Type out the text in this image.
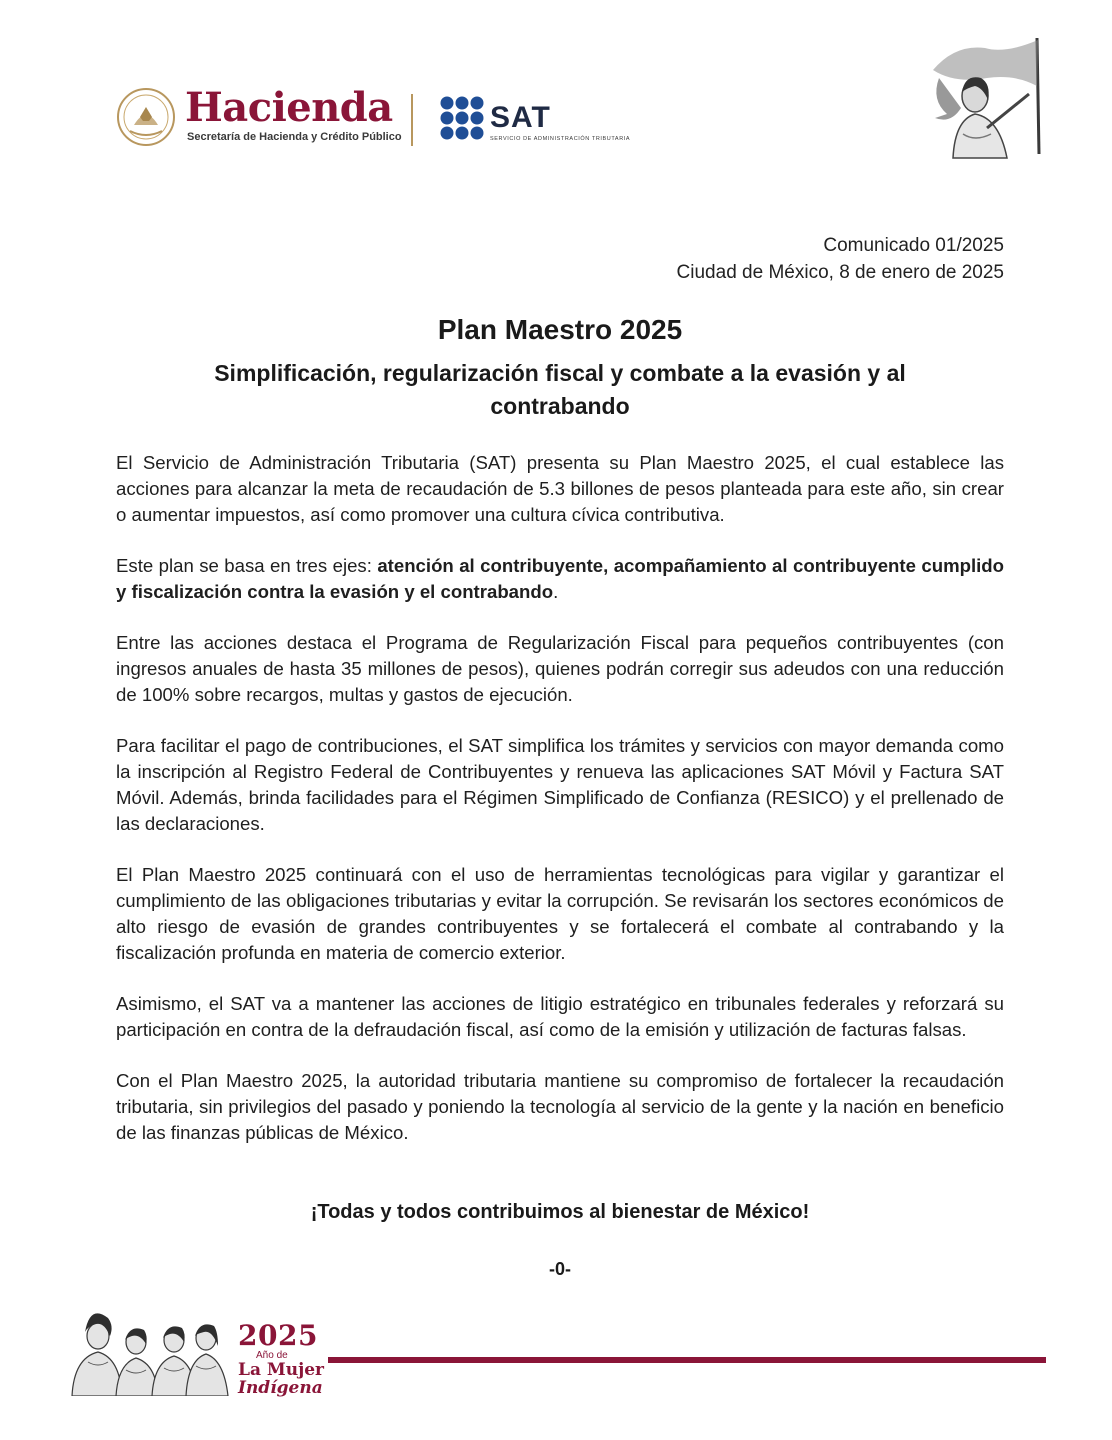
Hacienda
Secretaría de Hacienda y Crédito Público
SAT
SERVICIO DE ADMINISTRACIÓN TRIBUTARIA
Comunicado 01/2025
Ciudad de México, 8 de enero de 2025
Plan Maestro 2025
Simplificación, regularización fiscal y combate a la evasión y al contrabando

El Servicio de Administración Tributaria (SAT) presenta su Plan Maestro 2025, el cual establece las acciones para alcanzar la meta de recaudación de 5.3 billones de pesos planteada para este año, sin crear o aumentar impuestos, así como promover una cultura cívica contributiva.

Este plan se basa en tres ejes: atención al contribuyente, acompañamiento al contribuyente cumplido y fiscalización contra la evasión y el contrabando.

Entre las acciones destaca el Programa de Regularización Fiscal para pequeños contribuyentes (con ingresos anuales de hasta 35 millones de pesos), quienes podrán corregir sus adeudos con una reducción de 100% sobre recargos, multas y gastos de ejecución.

Para facilitar el pago de contribuciones, el SAT simplifica los trámites y servicios con mayor demanda como la inscripción al Registro Federal de Contribuyentes y renueva las aplicaciones SAT Móvil y Factura SAT Móvil. Además, brinda facilidades para el Régimen Simplificado de Confianza (RESICO) y el prellenado de las declaraciones.

El Plan Maestro 2025 continuará con el uso de herramientas tecnológicas para vigilar y garantizar el cumplimiento de las obligaciones tributarias y evitar la corrupción. Se revisarán los sectores económicos de alto riesgo de evasión de grandes contribuyentes y se fortalecerá el combate al contrabando y la fiscalización profunda en materia de comercio exterior.

Asimismo, el SAT va a mantener las acciones de litigio estratégico en tribunales federales y reforzará su participación en contra de la defraudación fiscal, así como de la emisión y utilización de facturas falsas.

Con el Plan Maestro 2025, la autoridad tributaria mantiene su compromiso de fortalecer la recaudación tributaria, sin privilegios del pasado y poniendo la tecnología al servicio de la gente y la nación en beneficio de las finanzas públicas de México.

¡Todas y todos contribuimos al bienestar de México!
-0-
2025
Año de
La Mujer
Indígena
